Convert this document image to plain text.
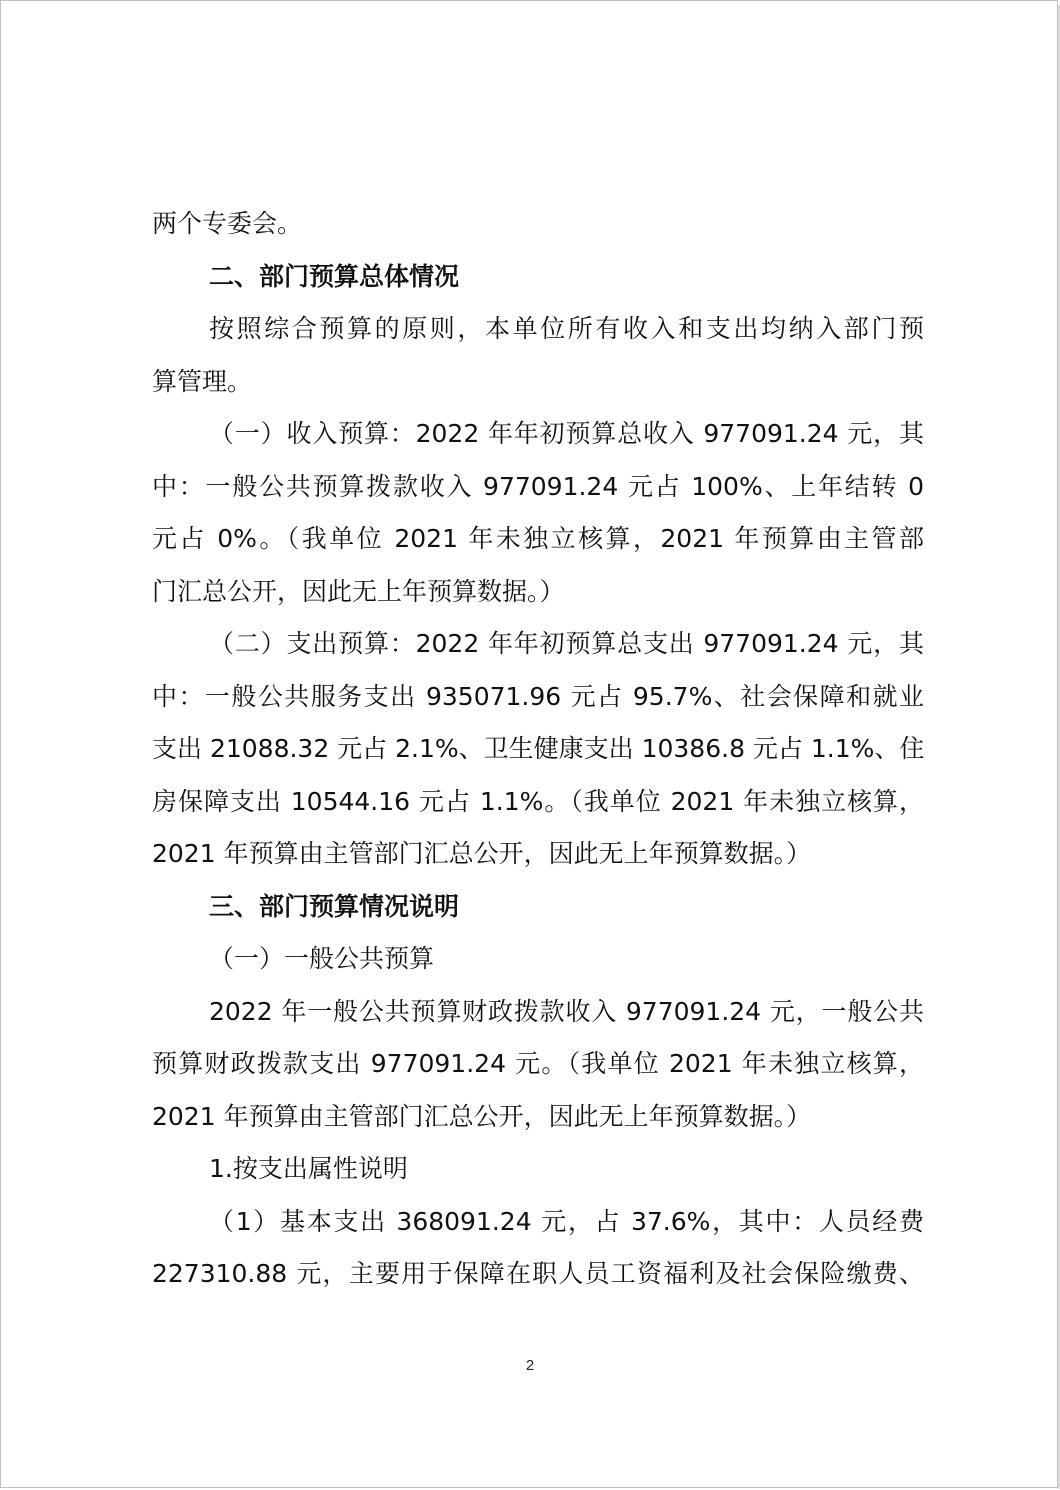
两个专委会。
二、部门预算总体情况
按照综合预算的原则，本单位所有收入和支出均纳入部门预
算管理。
（一）收入预算：2022 年年初预算总收入 977091.24 元，其
中：一般公共预算拨款收入 977091.24 元占 100%、上年结转 0
元占 0%。（我单位 2021 年未独立核算，2021 年预算由主管部
门汇总公开，因此无上年预算数据。）
（二）支出预算：2022 年年初预算总支出 977091.24 元，其
中：一般公共服务支出 935071.96 元占 95.7%、社会保障和就业
支出 21088.32 元占 2.1%、卫生健康支出 10386.8 元占 1.1%、住
房保障支出 10544.16 元占 1.1%。（我单位 2021 年未独立核算，
2021 年预算由主管部门汇总公开，因此无上年预算数据。）
三、部门预算情况说明
（一）一般公共预算
2022 年一般公共预算财政拨款收入 977091.24 元，一般公共
预算财政拨款支出 977091.24 元。（我单位 2021 年未独立核算，
2021 年预算由主管部门汇总公开，因此无上年预算数据。）
1.按支出属性说明
（1）基本支出 368091.24 元，占 37.6%，其中：人员经费
227310.88 元，主要用于保障在职人员工资福利及社会保险缴费、
2
